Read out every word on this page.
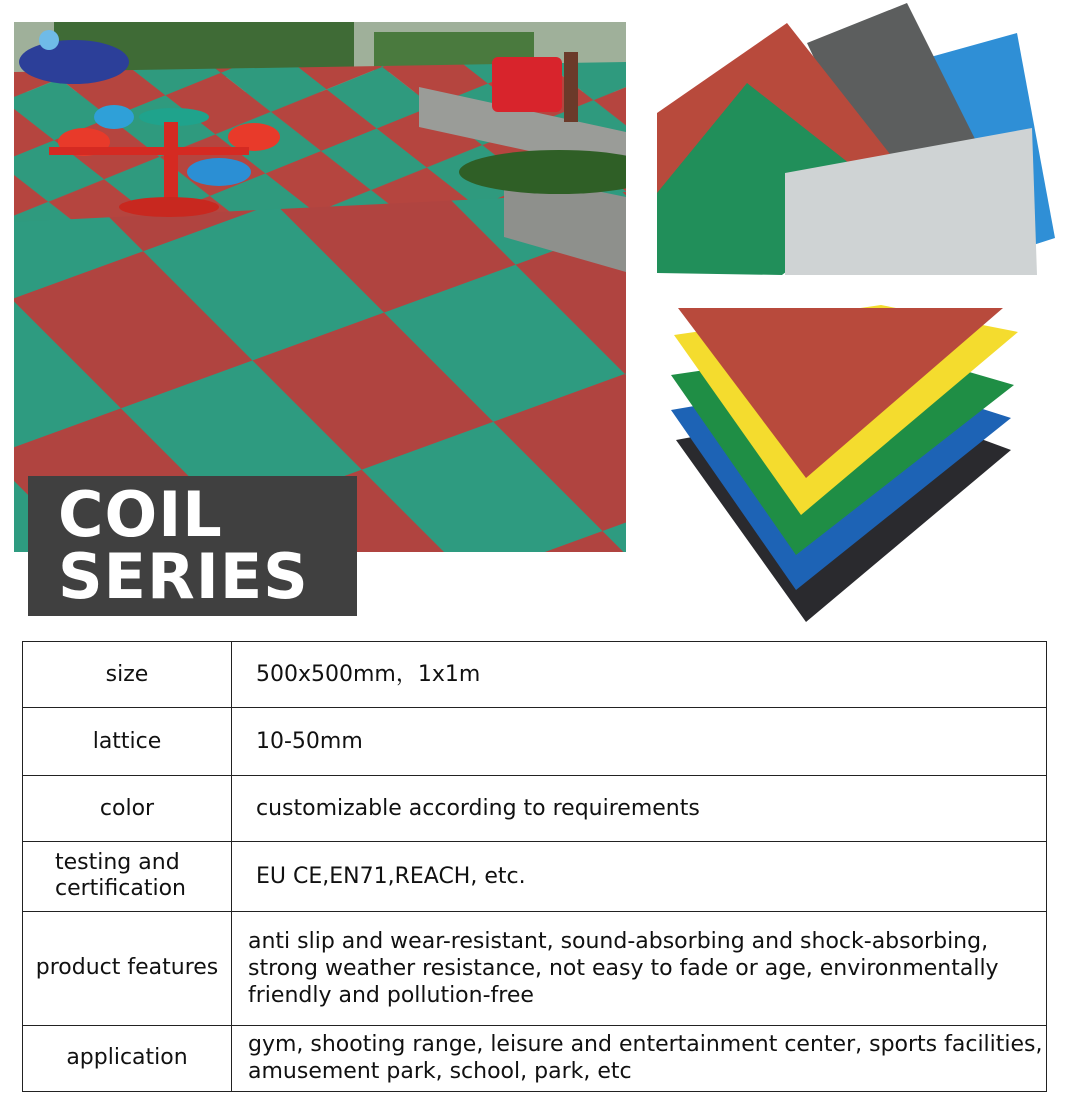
COIL
SERIES
size	500x500mm，1x1m
lattice	10-50mm
color	customizable according to requirements
testing and certification	EU CE,EN71,REACH, etc.
product features	anti slip and wear-resistant, sound-absorbing and shock-absorbing, strong weather resistance, not easy to fade or age, environmentally friendly and pollution-free
application	gym, shooting range, leisure and entertainment center, sports facilities, amusement park, school, park, etc
